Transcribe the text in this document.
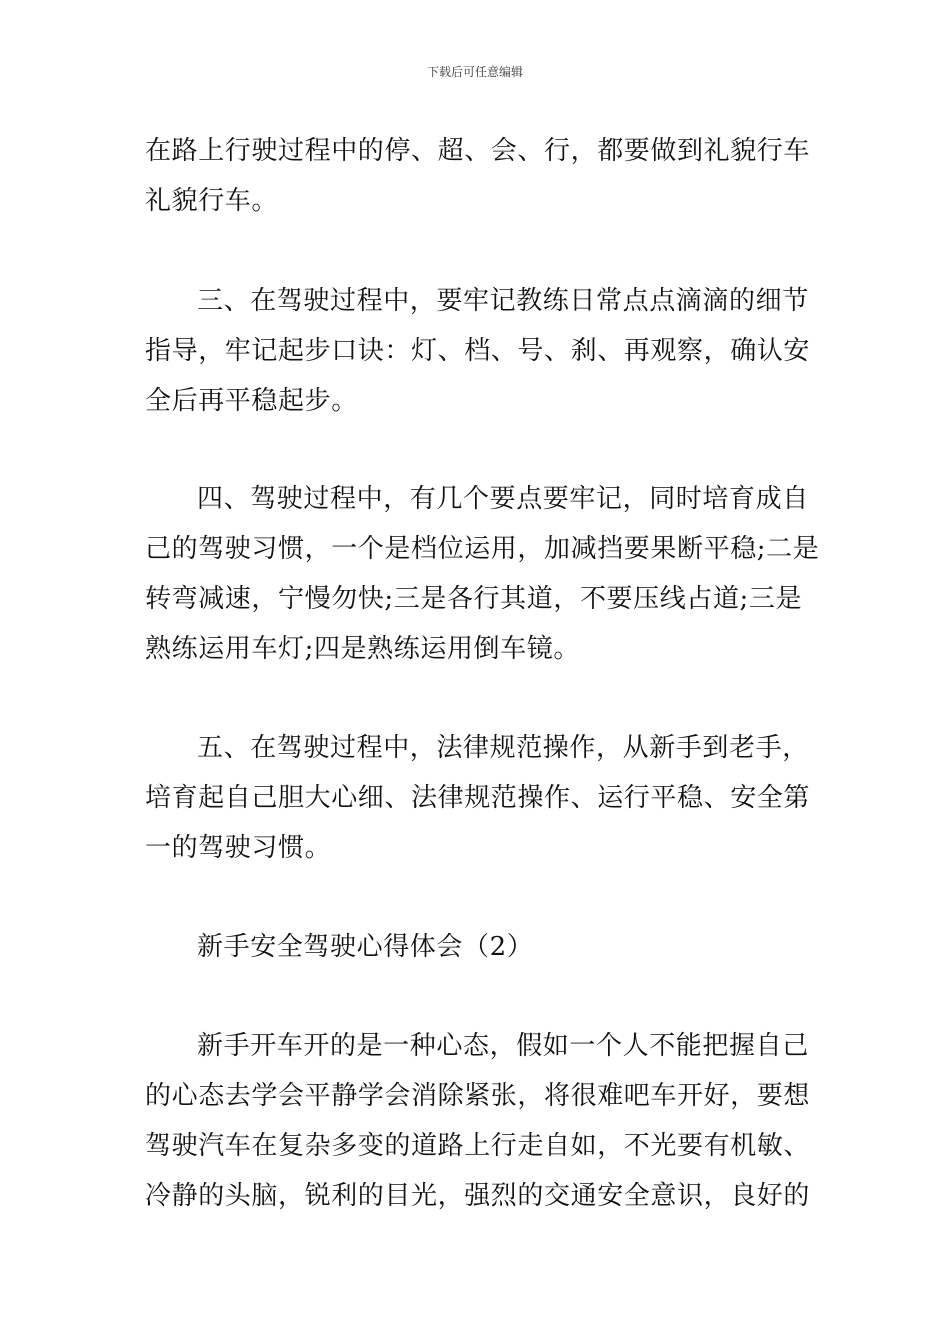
下载后可任意编辑
在路上行驶过程中的停、超、会、行，都要做到礼貌行车
礼貌行车。
三、在驾驶过程中，要牢记教练日常点点滴滴的细节
指导，牢记起步口诀：灯、档、号、刹、再观察，确认安
全后再平稳起步。
四、驾驶过程中，有几个要点要牢记，同时培育成自
己的驾驶习惯，一个是档位运用，加减挡要果断平稳;二是
转弯减速，宁慢勿快;三是各行其道，不要压线占道;三是
熟练运用车灯;四是熟练运用倒车镜。
五、在驾驶过程中，法律规范操作，从新手到老手，
培育起自己胆大心细、法律规范操作、运行平稳、安全第
一的驾驶习惯。
新手安全驾驶心得体会（2）
新手开车开的是一种心态，假如一个人不能把握自己
的心态去学会平静学会消除紧张，将很难吧车开好，要想
驾驶汽车在复杂多变的道路上行走自如，不光要有机敏、
冷静的头脑，锐利的目光，强烈的交通安全意识，良好的
